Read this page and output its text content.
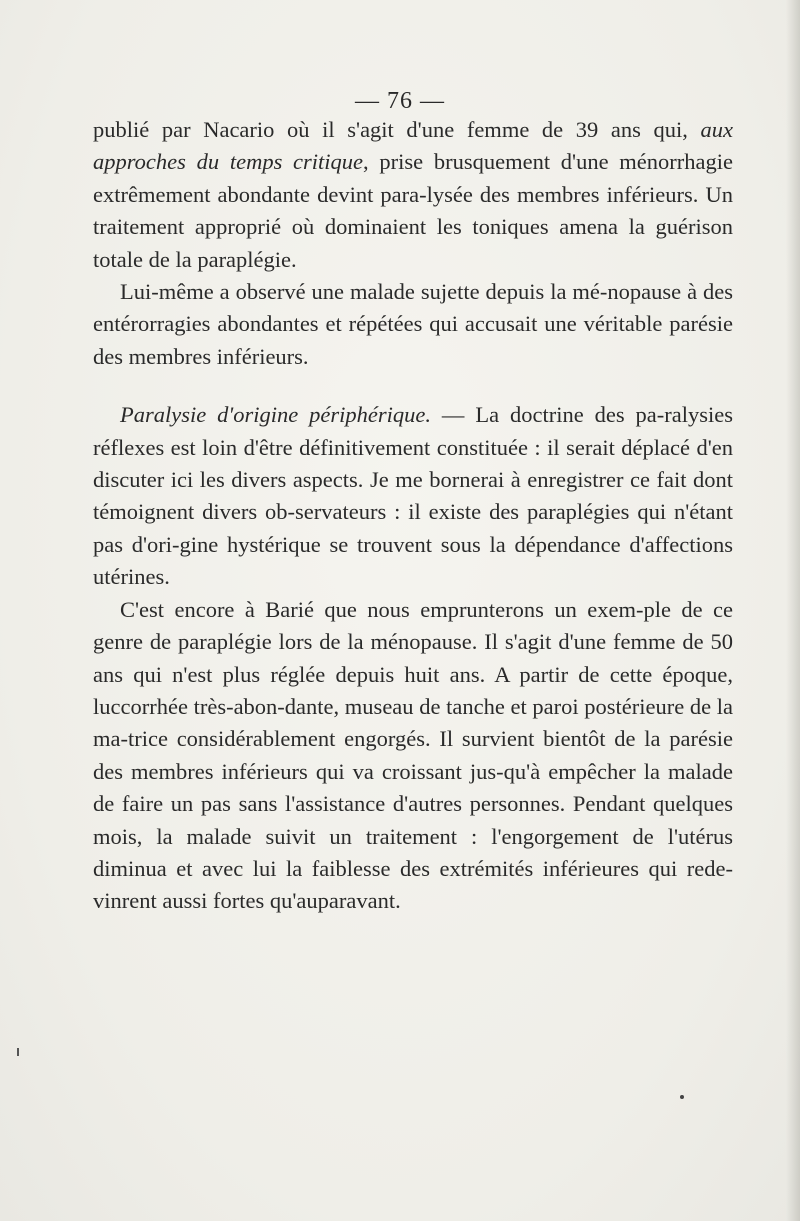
— 76 —

publié par Nacario où il s'agit d'une femme de 39 ans qui, aux approches du temps critique, prise brusquement d'une ménorrhagie extrêmement abondante devint para-lysée des membres inférieurs. Un traitement approprié où dominaient les toniques amena la guérison totale de la paraplégie.

Lui-même a observé une malade sujette depuis la mé-nopause à des entérorragies abondantes et répétées qui accusait une véritable parésie des membres inférieurs.

Paralysie d'origine périphérique. — La doctrine des pa-ralysies réflexes est loin d'être définitivement constituée : il serait déplacé d'en discuter ici les divers aspects. Je me bornerai à enregistrer ce fait dont témoignent divers ob-servateurs : il existe des paraplégies qui n'étant pas d'ori-gine hystérique se trouvent sous la dépendance d'affections utérines.

C'est encore à Barié que nous emprunterons un exem-ple de ce genre de paraplégie lors de la ménopause. Il s'agit d'une femme de 50 ans qui n'est plus réglée depuis huit ans. A partir de cette époque, luccorrhée très-abon-dante, museau de tanche et paroi postérieure de la ma-trice considérablement engorgés. Il survient bientôt de la parésie des membres inférieurs qui va croissant jus-qu'à empêcher la malade de faire un pas sans l'assistance d'autres personnes. Pendant quelques mois, la malade suivit un traitement : l'engorgement de l'utérus diminua et avec lui la faiblesse des extrémités inférieures qui rede-vinrent aussi fortes qu'auparavant.
